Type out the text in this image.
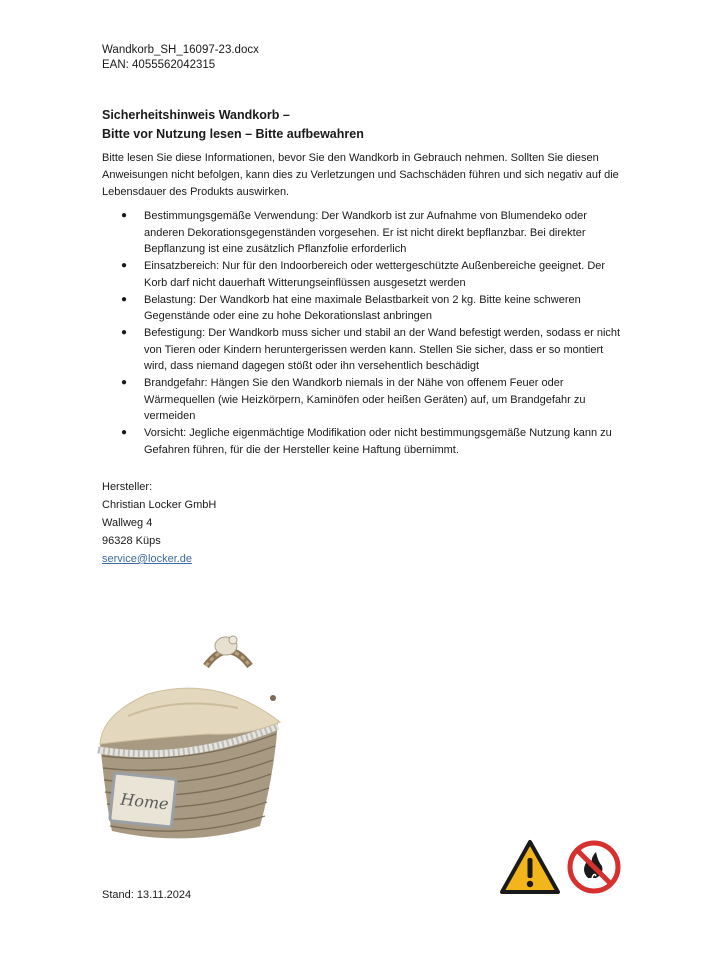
Wandkorb_SH_16097-23.docx
EAN: 4055562042315
Sicherheitshinweis Wandkorb –
Bitte vor Nutzung lesen – Bitte aufbewahren

Bitte lesen Sie diese Informationen, bevor Sie den Wandkorb in Gebrauch nehmen. Sollten Sie diesen Anweisungen nicht befolgen, kann dies zu Verletzungen und Sachschäden führen und sich negativ auf die Lebensdauer des Produkts auswirken.

● Bestimmungsgemäße Verwendung: Der Wandkorb ist zur Aufnahme von Blumendeko oder anderen Dekorationsgegenständen vorgesehen. Er ist nicht direkt bepflanzbar. Bei direkter Bepflanzung ist eine zusätzlich Pflanzfolie erforderlich
● Einsatzbereich: Nur für den Indoorbereich oder wettergeschützte Außenbereiche geeignet. Der Korb darf nicht dauerhaft Witterungseinflüssen ausgesetzt werden
● Belastung: Der Wandkorb hat eine maximale Belastbarkeit von 2 kg. Bitte keine schweren Gegenstände oder eine zu hohe Dekorationslast anbringen
● Befestigung: Der Wandkorb muss sicher und stabil an der Wand befestigt werden, sodass er nicht von Tieren oder Kindern heruntergerissen werden kann. Stellen Sie sicher, dass er so montiert wird, dass niemand dagegen stößt oder ihn versehentlich beschädigt
● Brandgefahr: Hängen Sie den Wandkorb niemals in der Nähe von offenem Feuer oder Wärmequellen (wie Heizkörpern, Kaminöfen oder heißen Geräten) auf, um Brandgefahr zu vermeiden
● Vorsicht: Jegliche eigenmächtige Modifikation oder nicht bestimmungsgemäße Nutzung kann zu Gefahren führen, für die der Hersteller keine Haftung übernimmt.
Hersteller:
Christian Locker GmbH
Wallweg 4
96328 Küps
service@locker.de
Home
Stand: 13.11.2024
